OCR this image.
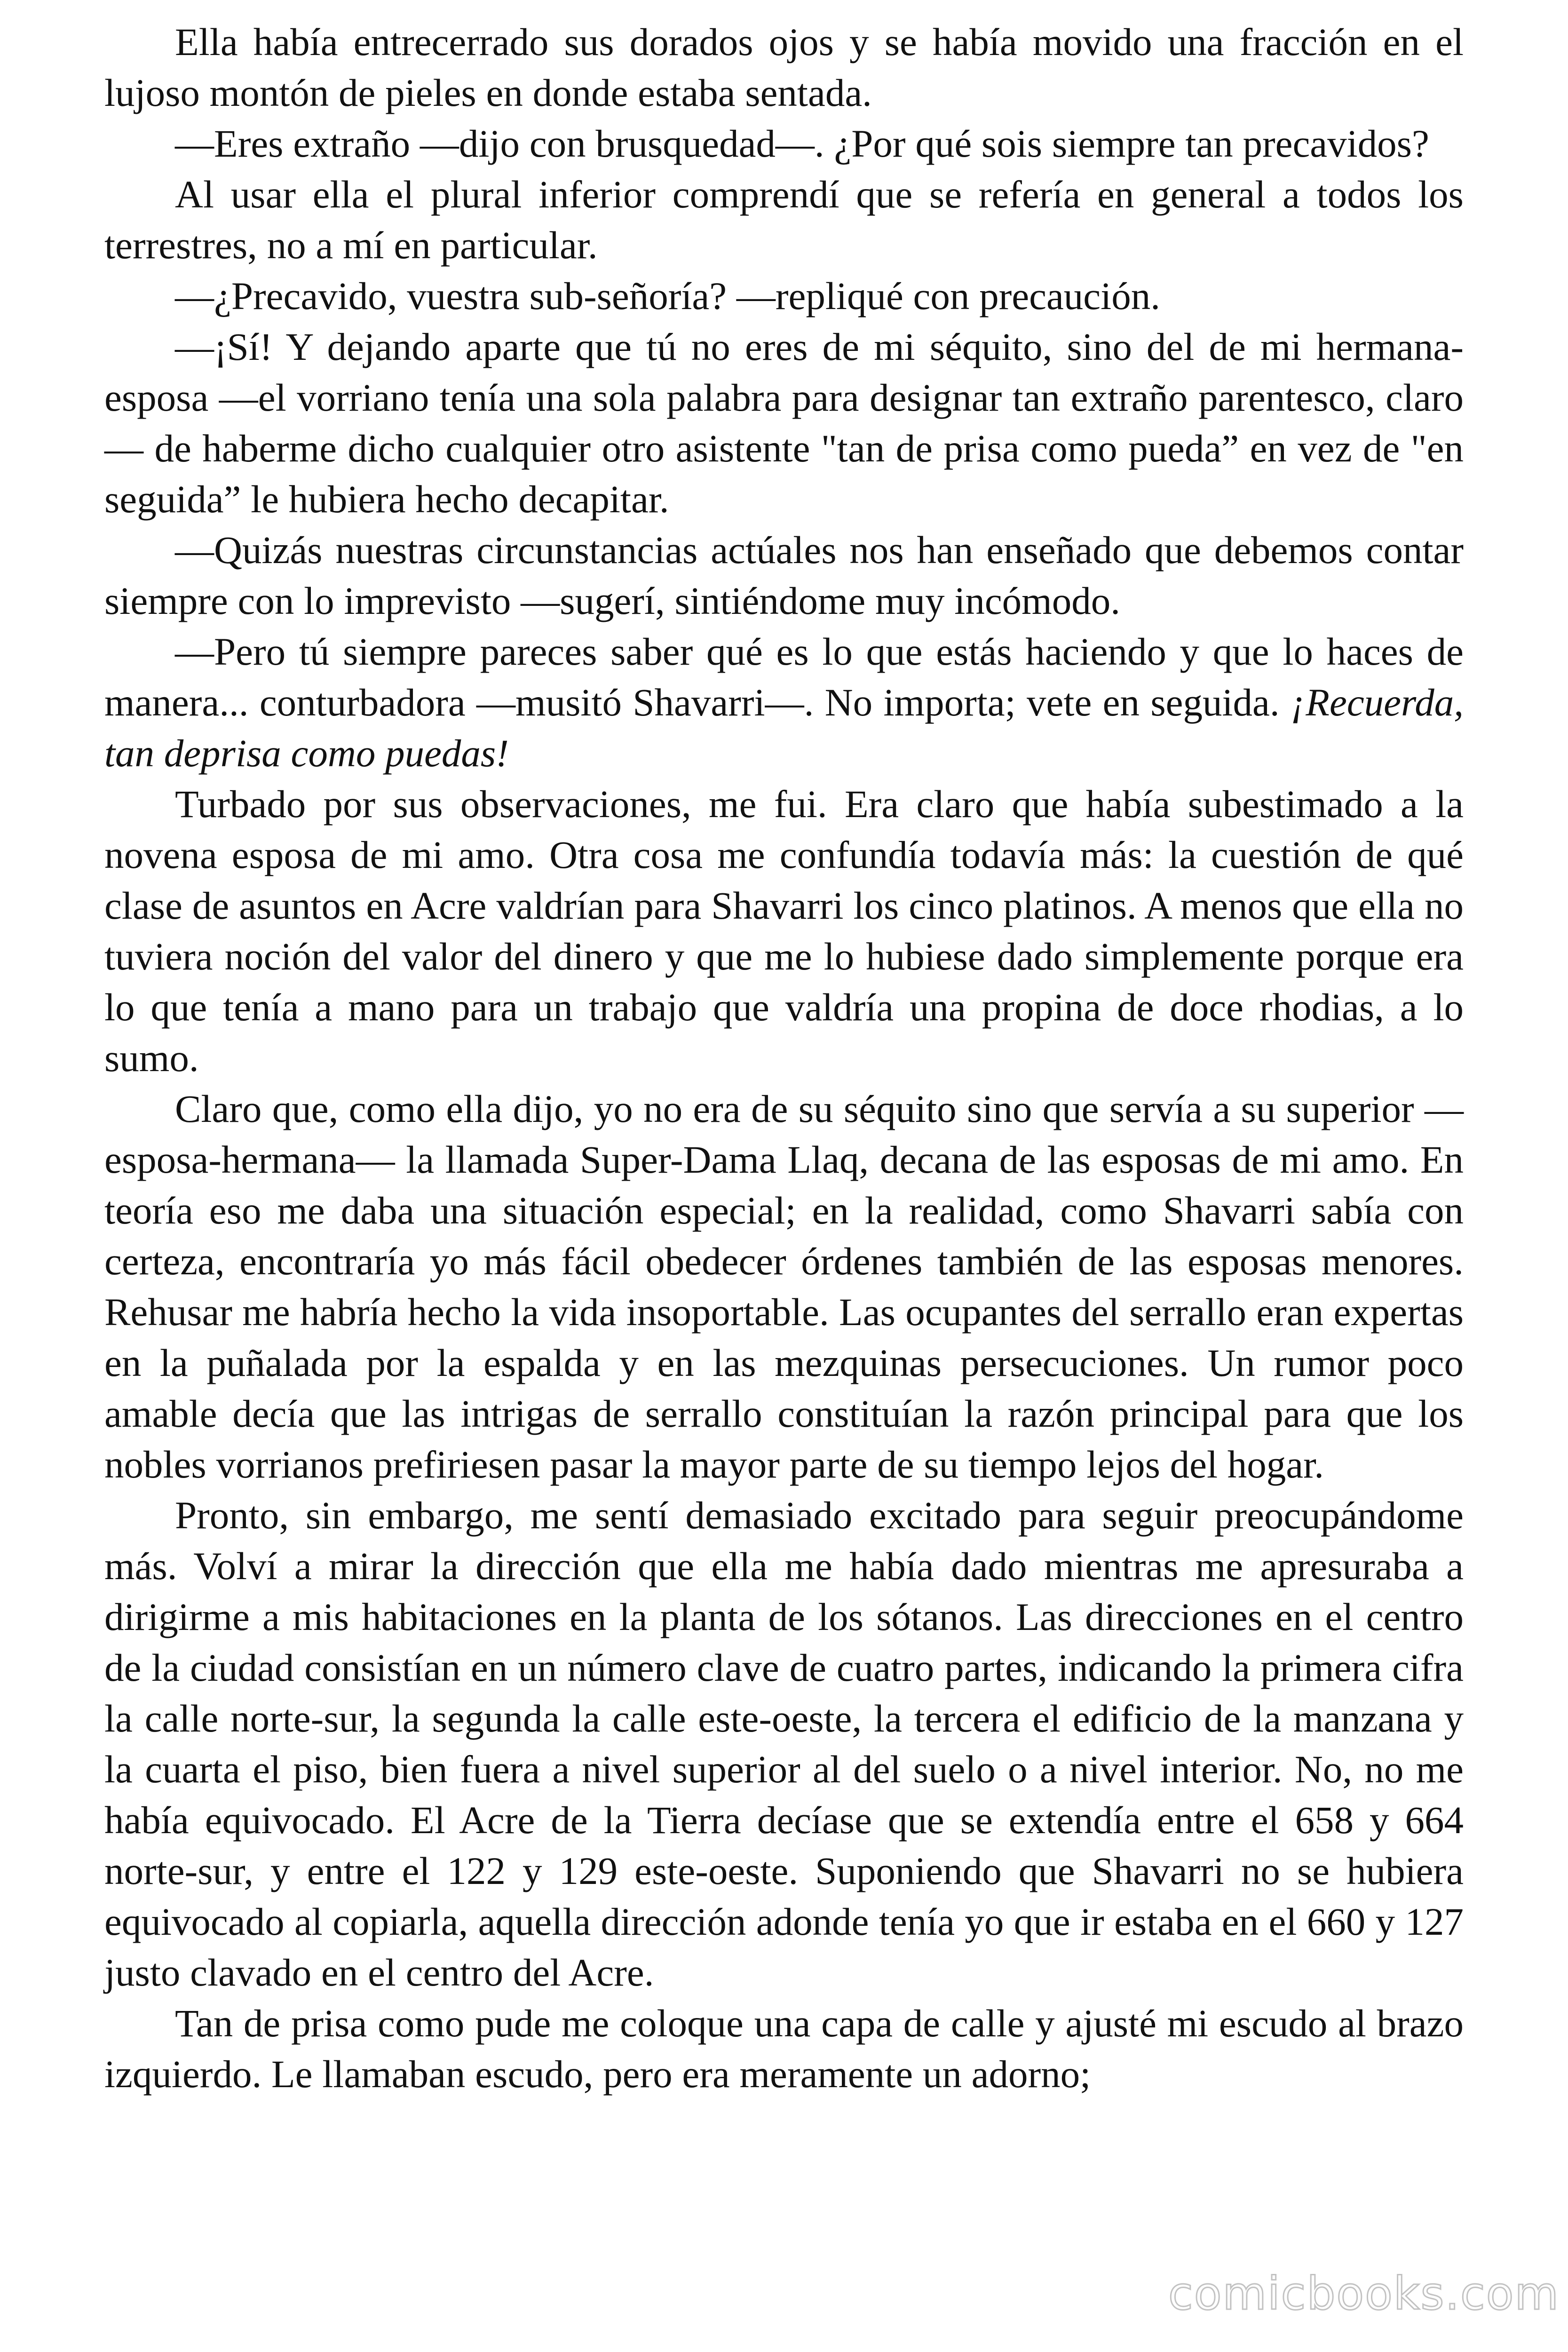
Ella había entrecerrado sus dorados ojos y se había movido una fracción en el lujoso montón de pieles en donde estaba sentada.

—Eres extraño —dijo con brusquedad—. ¿Por qué sois siempre tan precavidos?

Al usar ella el plural inferior comprendí que se refería en general a todos los terrestres, no a mí en particular.

—¿Precavido, vuestra sub-señoría? —repliqué con precaución.

—¡Sí! Y dejando aparte que tú no eres de mi séquito, sino del de mi hermana-esposa —el vorriano tenía una sola palabra para designar tan extraño parentesco, claro— de haberme dicho cualquier otro asistente "tan de prisa como pueda” en vez de "en seguida” le hubiera hecho decapitar.

—Quizás nuestras circunstancias actúales nos han enseñado que debemos contar siempre con lo imprevisto —sugerí, sintiéndome muy incómodo.

—Pero tú siempre pareces saber qué es lo que estás haciendo y que lo haces de manera... conturbadora —musitó Shavarri—. No importa; vete en seguida. ¡Recuerda, tan deprisa como puedas!

Turbado por sus observaciones, me fui. Era claro que había subestimado a la novena esposa de mi amo. Otra cosa me confundía todavía más: la cuestión de qué clase de asuntos en Acre valdrían para Shavarri los cinco platinos. A menos que ella no tuviera noción del valor del dinero y que me lo hubiese dado simplemente porque era lo que tenía a mano para un trabajo que valdría una propina de doce rhodias, a lo sumo.

Claro que, como ella dijo, yo no era de su séquito sino que servía a su superior —esposa-hermana— la llamada Super-Dama Llaq, decana de las esposas de mi amo. En teoría eso me daba una situación especial; en la realidad, como Shavarri sabía con certeza, encontraría yo más fácil obedecer órdenes también de las esposas menores. Rehusar me habría hecho la vida insoportable. Las ocupantes del serrallo eran expertas en la puñalada por la espalda y en las mezquinas persecuciones. Un rumor poco amable decía que las intrigas de serrallo constituían la razón principal para que los nobles vorrianos prefiriesen pasar la mayor parte de su tiempo lejos del hogar.

Pronto, sin embargo, me sentí demasiado excitado para seguir preocupándome más. Volví a mirar la dirección que ella me había dado mientras me apresuraba a dirigirme a mis habitaciones en la planta de los sótanos. Las direcciones en el centro de la ciudad consistían en un número clave de cuatro partes, indicando la primera cifra la calle norte-sur, la segunda la calle este-oeste, la tercera el edificio de la manzana y la cuarta el piso, bien fuera a nivel superior al del suelo o a nivel interior. No, no me había equivocado. El Acre de la Tierra decíase que se extendía entre el 658 y 664 norte-sur, y entre el 122 y 129 este-oeste. Suponiendo que Shavarri no se hubiera equivocado al copiarla, aquella dirección adonde tenía yo que ir estaba en el 660 y 127 justo clavado en el centro del Acre.

Tan de prisa como pude me coloque una capa de calle y ajusté mi escudo al brazo izquierdo. Le llamaban escudo, pero era meramente un adorno;

comicbooks.com
